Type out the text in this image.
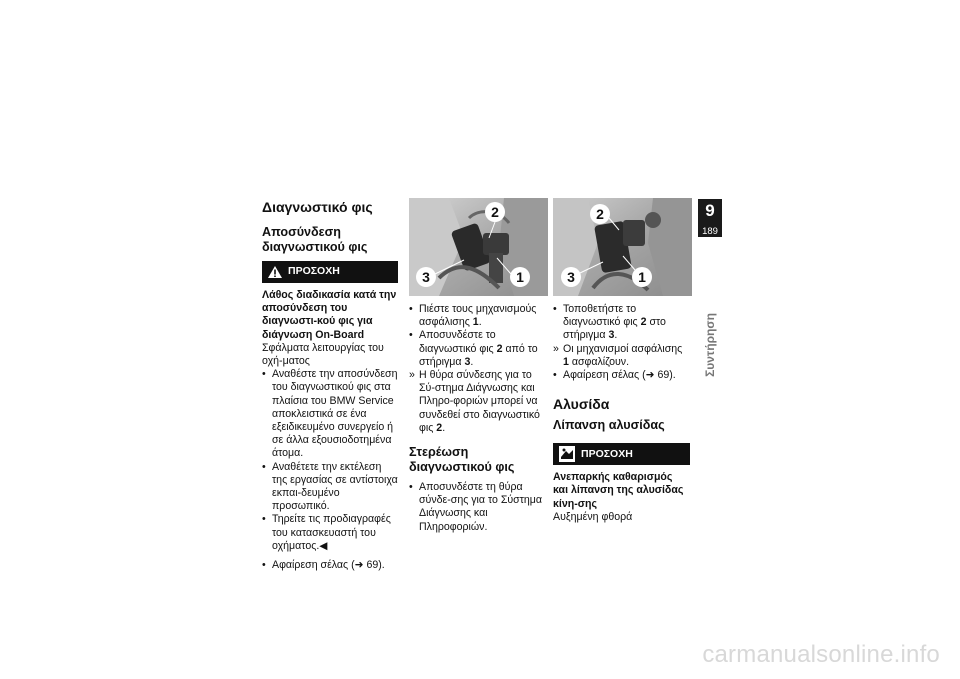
Διαγνωστικό φις
Αποσύνδεση διαγνωστικού φις
ΠΡΟΣΟΧΗ
Λάθος διαδικασία κατά την αποσύνδεση του διαγνωστι-κού φις για διάγνωση On-Board
Σφάλματα λειτουργίας του οχή-ματος
• Αναθέστε την αποσύνδεση του διαγνωστικού φις στα πλαίσια του BMW Service αποκλειστικά σε ένα εξειδικευμένο συνεργείο ή σε άλλα εξουσιοδοτημένα άτομα.
• Αναθέτετε την εκτέλεση της εργασίας σε αντίστοιχα εκπαι-δευμένο προσωπικό.
• Τηρείτε τις προδιαγραφές του κατασκευαστή του οχήματος.◀
• Αφαίρεση σέλας (➜ 69).
2
3	1
• Πιέστε τους μηχανισμούς ασφάλισης 1.
• Αποσυνδέστε το διαγνωστικό φις 2 από το στήριγμα 3.
» Η θύρα σύνδεσης για το Σύ-στημα Διάγνωσης και Πληρο-φοριών μπορεί να συνδεθεί στο διαγνωστικό φις 2.
Στερέωση διαγνωστικού φις
• Αποσυνδέστε τη θύρα σύνδε-σης για το Σύστημα Διάγνωσης και Πληροφοριών.
2
3	1
• Τοποθετήστε το διαγνωστικό φις 2 στο στήριγμα 3.
» Οι μηχανισμοί ασφάλισης 1 ασφαλίζουν.
• Αφαίρεση σέλας (➜ 69).
Αλυσίδα
Λίπανση αλυσίδας
ΠΡΟΣΟΧΗ
Ανεπαρκής καθαρισμός και λίπανση της αλυσίδας κίνη-σης
Αυξημένη φθορά
9
189
Συντήρηση
carmanualsonline.info
